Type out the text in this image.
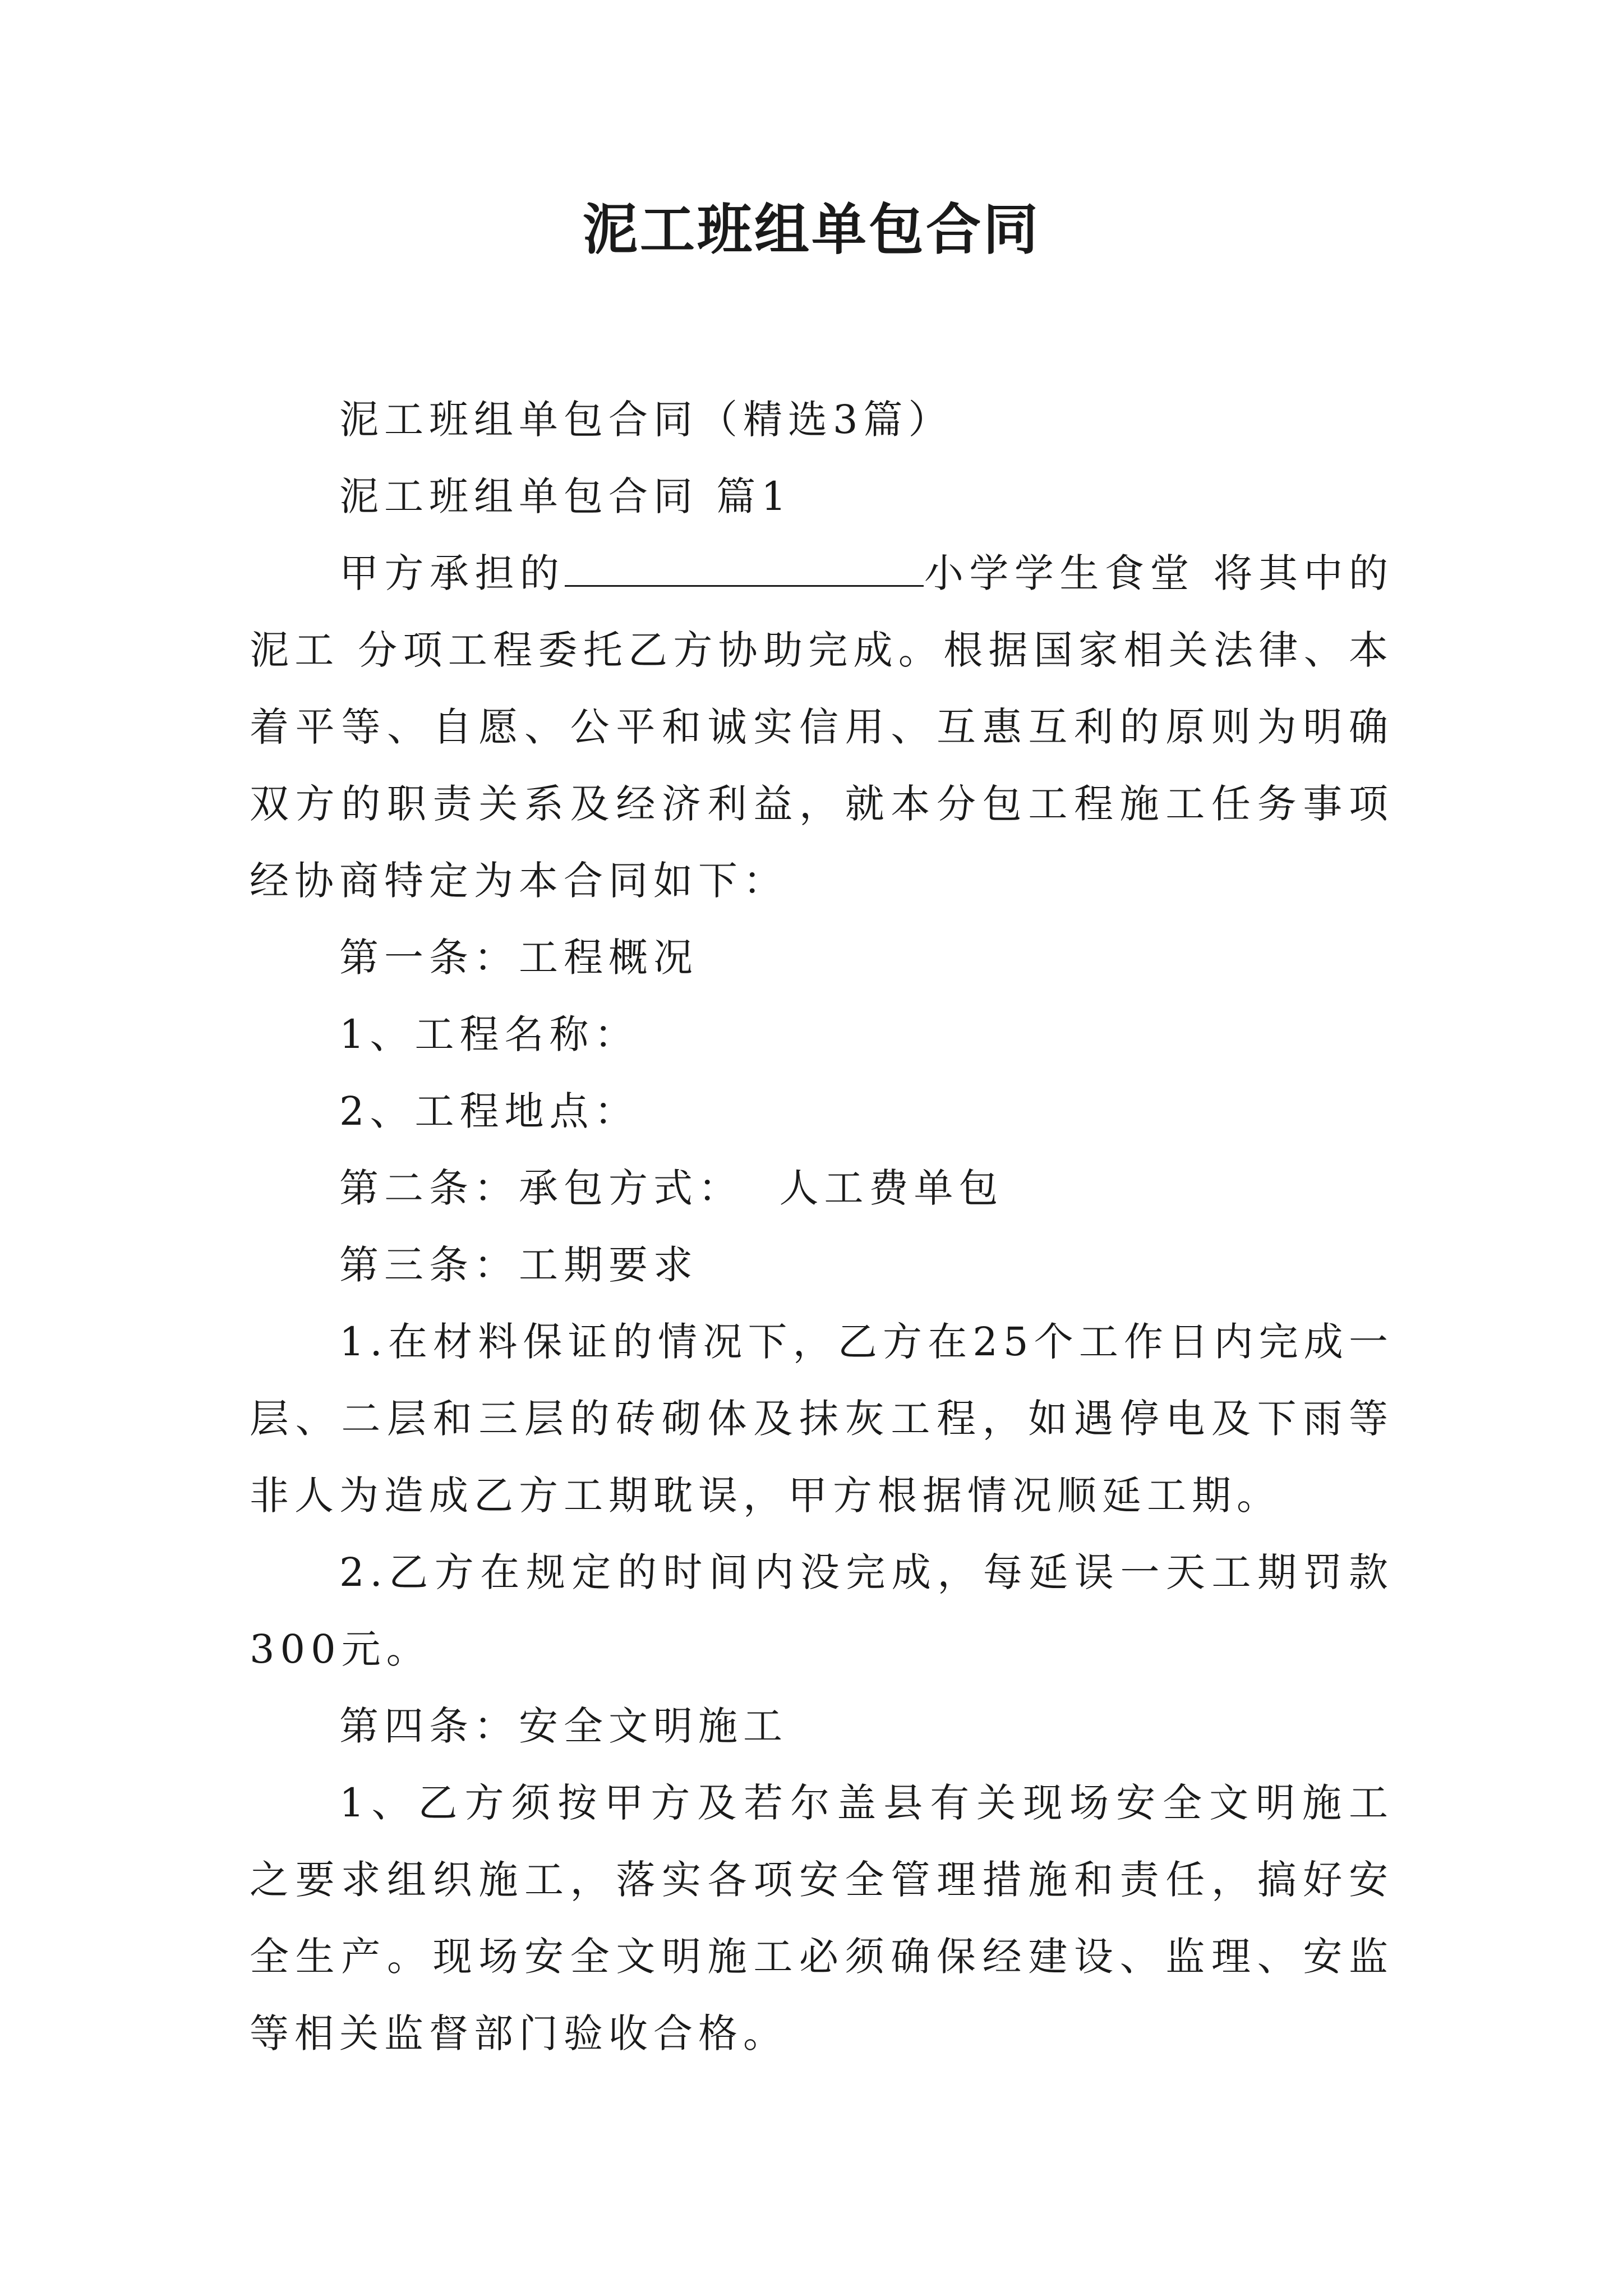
泥工班组单包合同

泥工班组单包合同（精选3篇）

泥工班组单包合同 篇1

甲方承担的	小学学生食堂 将其中的泥工 分项工程委托乙方协助完成。根据国家相关法律、本着平等、自愿、公平和诚实信用、互惠互利的原则为明确双方的职责关系及经济利益，就本分包工程施工任务事项经协商特定为本合同如下：

第一条：工程概况

1、工程名称：

2、工程地点：

第二条：承包方式：  人工费单包

第三条：工期要求

1.在材料保证的情况下，乙方在25个工作日内完成一层、二层和三层的砖砌体及抹灰工程，如遇停电及下雨等非人为造成乙方工期耽误，甲方根据情况顺延工期。

2.乙方在规定的时间内没完成，每延误一天工期罚款300元。

第四条：安全文明施工

1、乙方须按甲方及若尔盖县有关现场安全文明施工之要求组织施工，落实各项安全管理措施和责任，搞好安全生产。现场安全文明施工必须确保经建设、监理、安监等相关监督部门验收合格。
